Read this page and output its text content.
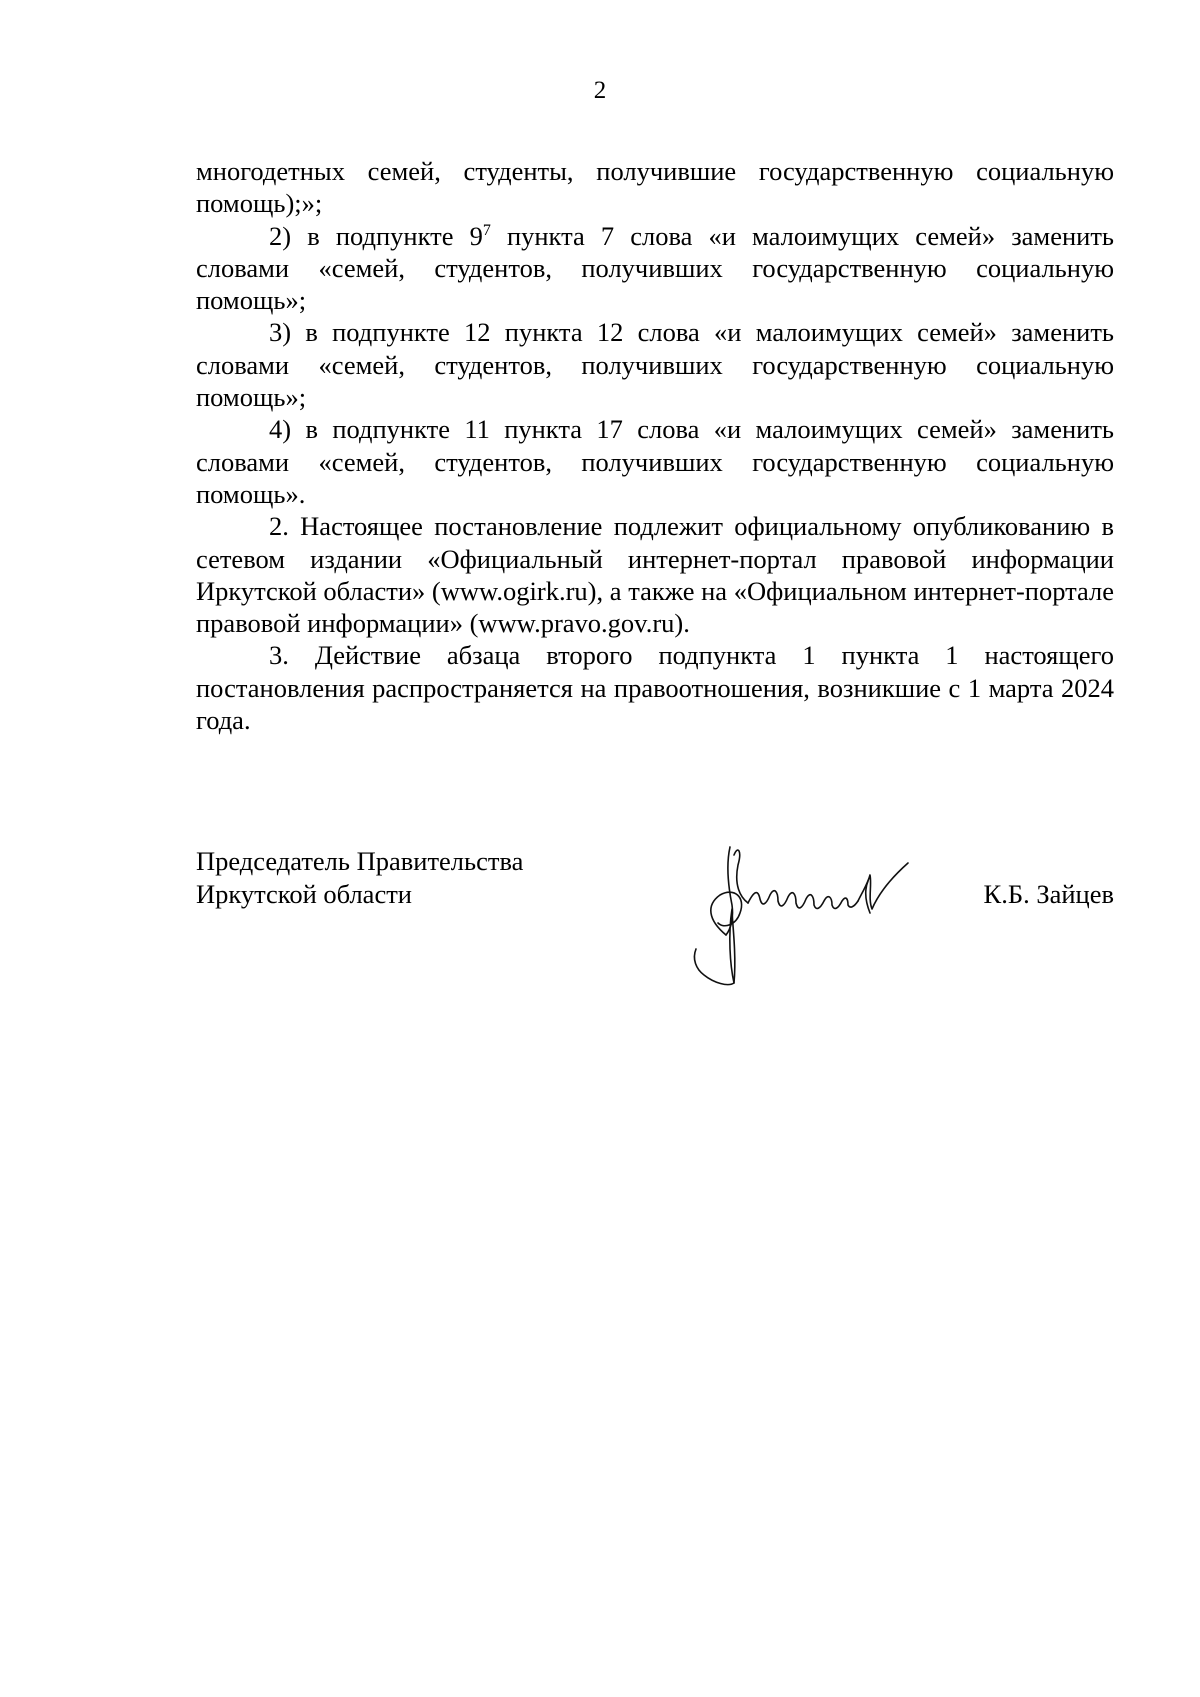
2

многодетных семей, студенты, получившие государственную социальную помощь);»;

2) в подпункте $9^7$ пункта 7 слова «и малоимущих семей» заменить словами «семей, студентов, получивших государственную социальную помощь»;

3) в подпункте 12 пункта 12 слова «и малоимущих семей» заменить словами «семей, студентов, получивших государственную социальную помощь»;

4) в подпункте 11 пункта 17 слова «и малоимущих семей» заменить словами «семей, студентов, получивших государственную социальную помощь».

2. Настоящее постановление подлежит официальному опубликованию в сетевом издании «Официальный интернет-портал правовой информации Иркутской области» (www.ogirk.ru), а также на «Официальном интернет-портале правовой информации» (www.pravo.gov.ru).

3. Действие абзаца второго подпункта 1 пункта 1 настоящего постановления распространяется на правоотношения, возникшие с 1 марта 2024 года.

Председатель Правительства
Иркутской области	К.Б. Зайцев
